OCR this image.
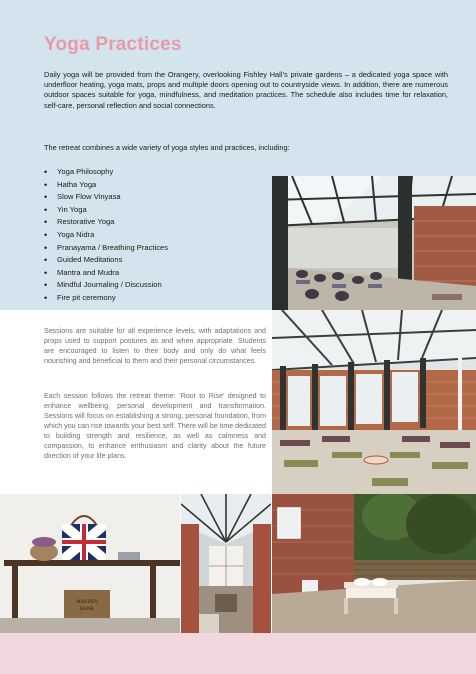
Yoga Practices

Daily yoga will be provided from the Orangery, overlooking Fishley Hall’s private gardens – a dedicated yoga space with underfloor heating, yoga mats, props and multiple doors opening out to countryside views. In addition, there are numerous outdoor spaces suitable for yoga, mindfulness, and meditation practices. The schedule also includes time for relaxation, self-care, personal reflection and social connections.

The retreat combines a wide variety of yoga styles and practices, including:

• Yoga Philosophy
• Hatha Yoga
• Slow Flow Vinyasa
• Yin Yoga
• Restorative Yoga
• Yoga Nidra
• Pranayama / Breathing Practices
• Guided Meditations
• Mantra and Mudra
• Mindful Journaling / Discussion
• Fire pit ceremony

Sessions are suitable for all experience levels, with adaptations and props used to support postures as and when appropriate. Students are encouraged to listen to their body and only do what feels nourishing and beneficial to them and their personal circumstances.

Each session follows the retreat theme: ‘Root to Rise’ designed to enhance wellbeing, personal development and transformation. Sessions will focus on establishing a strong, personal foundation, from which you can rise towards your best self. There will be time dedicated to building strength and resilience, as well as calmness and compassion, to enhance enthusiasm and clarity about the future direction of your life plans.

MAYDEN
BANK
